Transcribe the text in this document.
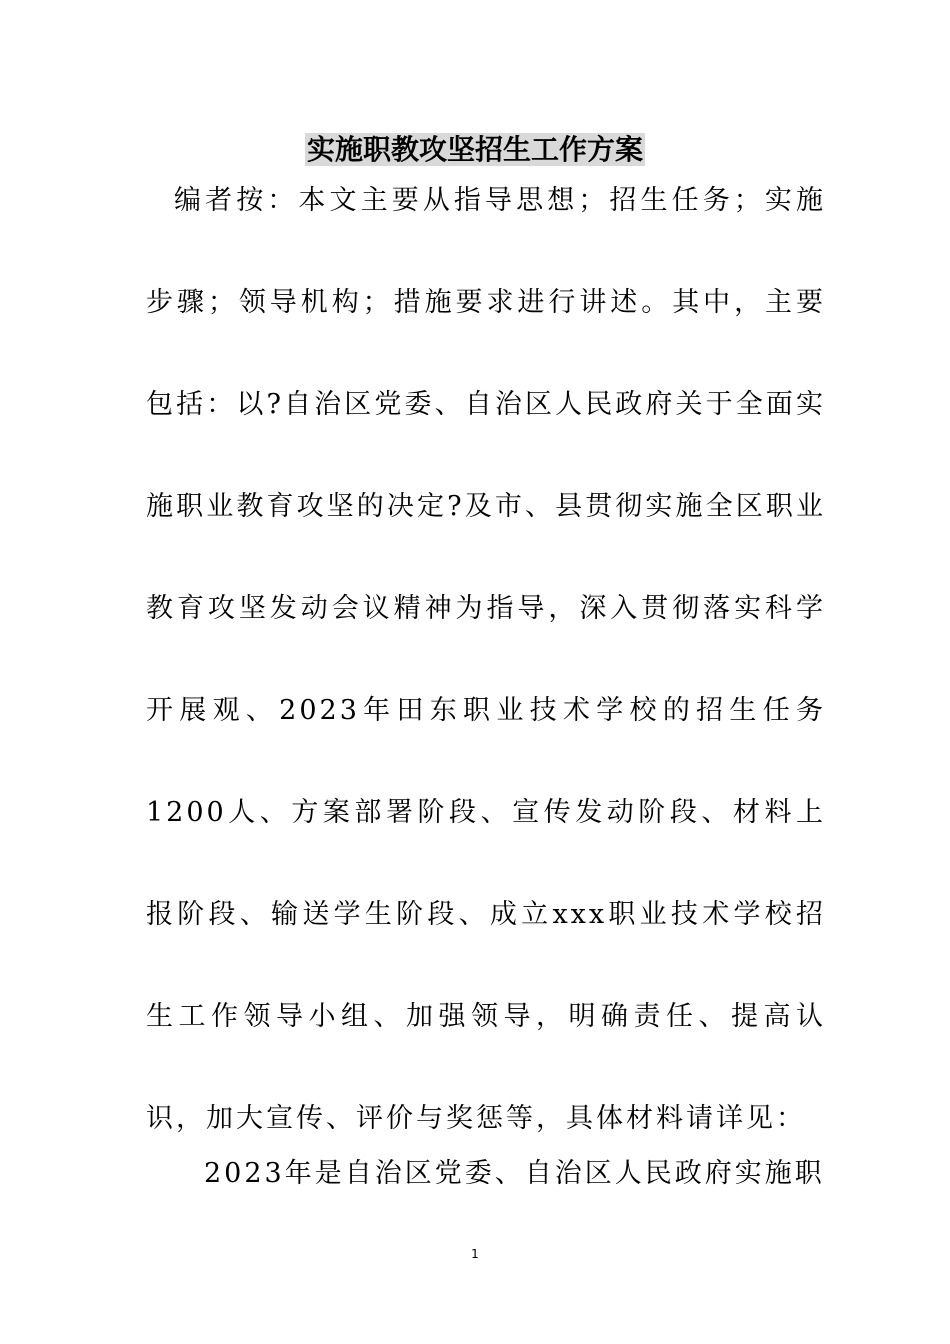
实施职教攻坚招生工作方案

编者按：本文主要从指导思想；招生任务；实施步骤；领导机构；措施要求进行讲述。其中，主要包括：以?自治区党委、自治区人民政府关于全面实施职业教育攻坚的决定?及市、县贯彻实施全区职业教育攻坚发动会议精神为指导，深入贯彻落实科学开展观、2023年田东职业技术学校的招生任务1200人、方案部署阶段、宣传发动阶段、材料上报阶段、输送学生阶段、成立xxx职业技术学校招生工作领导小组、加强领导，明确责任、提高认识，加大宣传、评价与奖惩等，具体材料请详见：

2023年是自治区党委、自治区人民政府实施职

1
